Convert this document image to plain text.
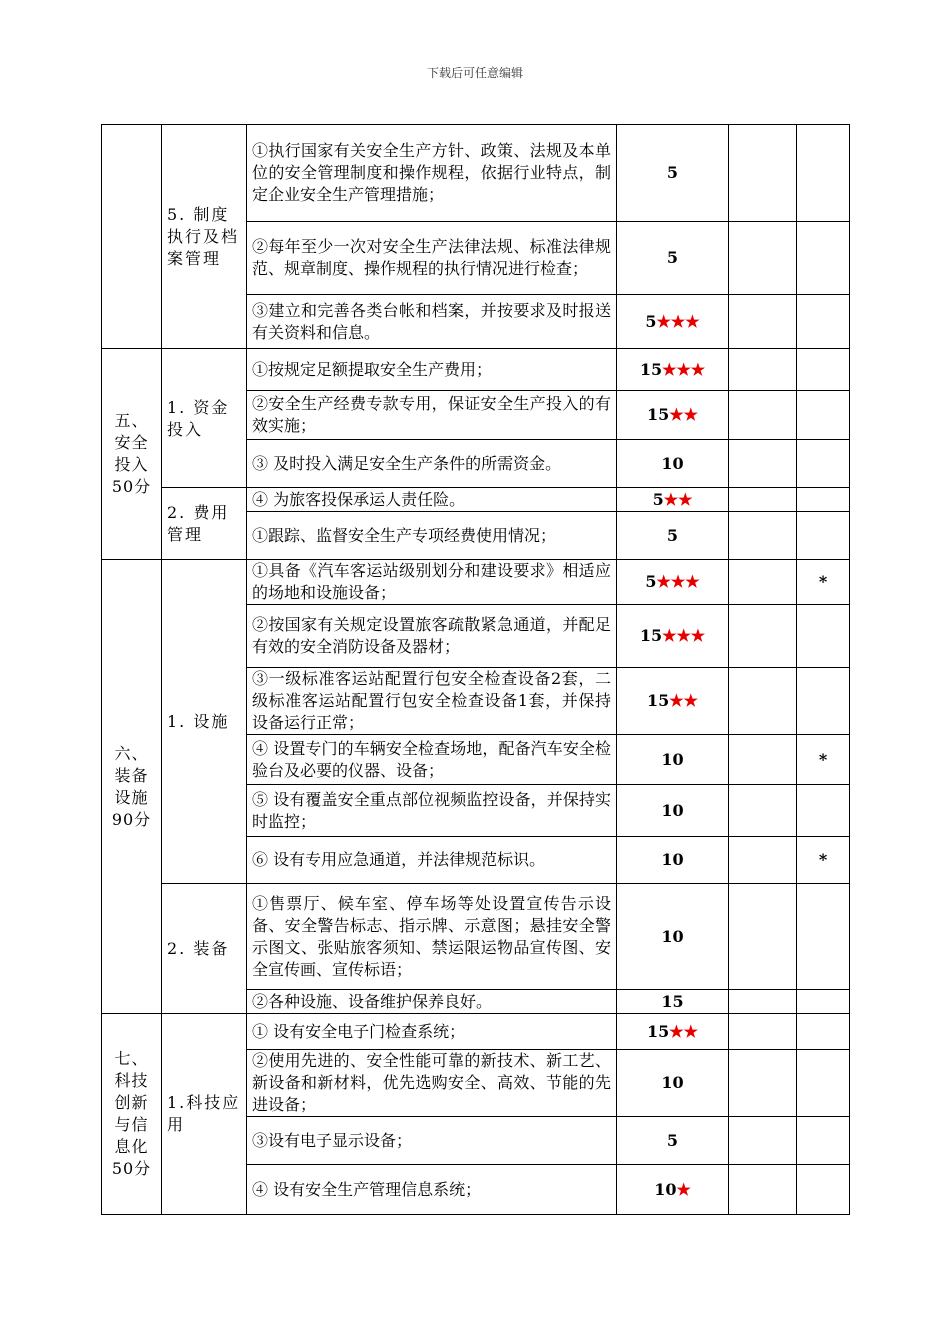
下载后可任意编辑
	5. 制度执行及档案管理	①执行国家有关安全生产方针、政策、法规及本单位的安全管理制度和操作规程，依据行业特点，制定企业安全生产管理措施；	5		
		②每年至少一次对安全生产法律法规、标准法律规范、规章制度、操作规程的执行情况进行检查；	5		
		③建立和完善各类台帐和档案，并按要求及时报送有关资料和信息。	5★★★		
五、安全投入50分	1. 资金投入	①按规定足额提取安全生产费用；	15★★★		
		②安全生产经费专款专用，保证安全生产投入的有效实施；	15★★		
		③ 及时投入满足安全生产条件的所需资金。	10		
	2. 费用管理	④ 为旅客投保承运人责任险。	5★★		
		①跟踪、监督安全生产专项经费使用情况；	5		
六、装备设施90分	1. 设施	①具备《汽车客运站级别划分和建设要求》相适应的场地和设施设备；	5★★★		*
		②按国家有关规定设置旅客疏散紧急通道，并配足有效的安全消防设备及器材；	15★★★		
		③一级标准客运站配置行包安全检查设备2套，二级标准客运站配置行包安全检查设备1套，并保持设备运行正常；	15★★		
		④ 设置专门的车辆安全检查场地，配备汽车安全检验台及必要的仪器、设备；	10		*
		⑤ 设有覆盖安全重点部位视频监控设备，并保持实时监控；	10		
		⑥ 设有专用应急通道，并法律规范标识。	10		*
	2. 装备	①售票厅、候车室、停车场等处设置宣传告示设备、安全警告标志、指示牌、示意图；悬挂安全警示图文、张贴旅客须知、禁运限运物品宣传图、安全宣传画、宣传标语；	10		
		②各种设施、设备维护保养良好。	15		
七、科技创新与信息化50分	1.科技应用	① 设有安全电子门检查系统；	15★★		
		②使用先进的、安全性能可靠的新技术、新工艺、新设备和新材料，优先选购安全、高效、节能的先进设备；	10		
		③设有电子显示设备；	5		
		④ 设有安全生产管理信息系统；	10★		
